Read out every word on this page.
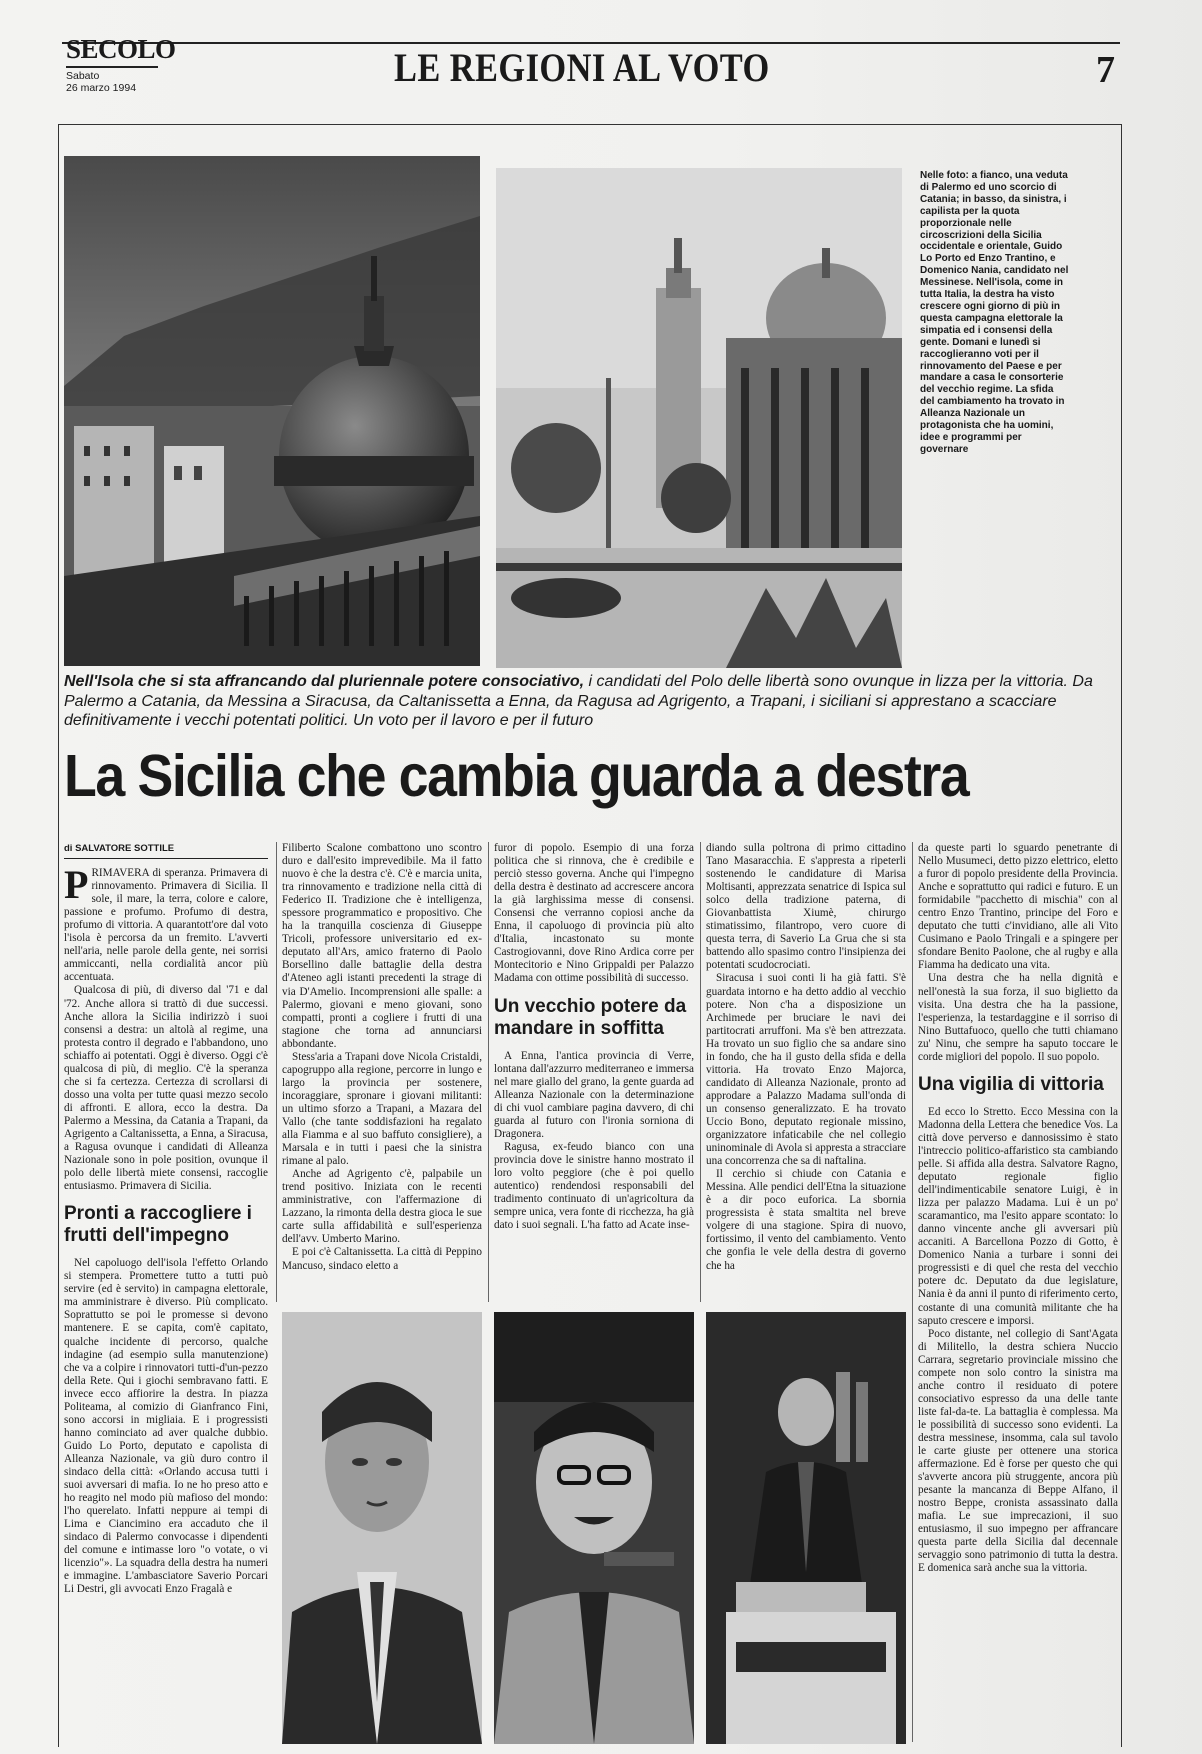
SECOLO
Sabato
26 marzo 1994	LE REGIONI AL VOTO	7
Nelle foto: a fianco, una veduta di Palermo ed uno scorcio di Catania; in basso, da sinistra, i capilista per la quota proporzionale nelle circoscrizioni della Sicilia occidentale e orientale, Guido Lo Porto ed Enzo Trantino, e Domenico Nania, candidato nel Messinese. Nell'isola, come in tutta Italia, la destra ha visto crescere ogni giorno di più in questa campagna elettorale la simpatia ed i consensi della gente. Domani e lunedì si raccoglieranno voti per il rinnovamento del Paese e per mandare a casa le consorterie del vecchio regime. La sfida del cambiamento ha trovato in Alleanza Nazionale un protagonista che ha uomini, idee e programmi per governare
Nell'Isola che si sta affrancando dal pluriennale potere consociativo, i candidati del Polo delle libertà sono ovunque in lizza per la vittoria. Da Palermo a Catania, da Messina a Siracusa, da Caltanissetta a Enna, da Ragusa ad Agrigento, a Trapani, i siciliani si apprestano a scacciare definitivamente i vecchi potentati politici. Un voto per il lavoro e per il futuro
La Sicilia che cambia guarda a destra
di SALVATORE SOTTILE

PRIMAVERA di speranza. Primavera di rinnovamento. Primavera di Sicilia. Il sole, il mare, la terra, colore e calore, passione e profumo. Profumo di destra, profumo di vittoria. A quarantott'ore dal voto l'isola è percorsa da un fremito. L'avverti nell'aria, nelle parole della gente, nei sorrisi ammiccanti, nella cordialità ancor più accentuata.

Qualcosa di più, di diverso dal '71 e dal '72. Anche allora si trattò di due successi. Anche allora la Sicilia indirizzò i suoi consensi a destra: un altolà al regime, una protesta contro il degrado e l'abbandono, uno schiaffo ai potentati. Oggi è diverso. Oggi c'è qualcosa di più, di meglio. C'è la speranza che si fa certezza. Certezza di scrollarsi di dosso una volta per tutte quasi mezzo secolo di affronti. E allora, ecco la destra. Da Palermo a Messina, da Catania a Trapani, da Agrigento a Caltanissetta, a Enna, a Siracusa, a Ragusa ovunque i candidati di Alleanza Nazionale sono in pole position, ovunque il polo delle libertà miete consensi, raccoglie entusiasmo. Primavera di Sicilia.

Pronti a raccogliere i frutti dell'impegno

Nel capoluogo dell'isola l'effetto Orlando si stempera. Promettere tutto a tutti può servire (ed è servito) in campagna elettorale, ma amministrare è diverso. Più complicato. Soprattutto se poi le promesse si devono mantenere. E se capita, com'è capitato, qualche incidente di percorso, qualche indagine (ad esempio sulla manutenzione) che va a colpire i rinnovatori tutti-d'un-pezzo della Rete. Qui i giochi sembravano fatti. E invece ecco affiorire la destra. In piazza Politeama, al comizio di Gianfranco Fini, sono accorsi in migliaia. E i progressisti hanno cominciato ad aver qualche dubbio. Guido Lo Porto, deputato e capolista di Alleanza Nazionale, va giù duro contro il sindaco della città: «Orlando accusa tutti i suoi avversari di mafia. Io ne ho preso atto e ho reagito nel modo più mafioso del mondo: l'ho querelato. Infatti neppure ai tempi di Lima e Ciancimino era accaduto che il sindaco di Palermo convocasse i dipendenti del comune e intimasse loro "o votate, o vi licenzio"». La squadra della destra ha numeri e immagine. L'ambasciatore Saverio Porcari Li Destri, gli avvocati Enzo Fragalà e

Filiberto Scalone combattono uno scontro duro e dall'esito imprevedibile. Ma il fatto nuovo è che la destra c'è. C'è e marcia unita, tra rinnovamento e tradizione nella città di Federico II. Tradizione che è intelligenza, spessore programmatico e propositivo. Che ha la tranquilla coscienza di Giuseppe Tricoli, professore universitario ed ex-deputato all'Ars, amico fraterno di Paolo Borsellino dalle battaglie della destra d'Ateneo agli istanti precedenti la strage di via D'Amelio. Incomprensioni alle spalle: a Palermo, giovani e meno giovani, sono compatti, pronti a cogliere i frutti di una stagione che torna ad annunciarsi abbondante.

Stess'aria a Trapani dove Nicola Cristaldi, capogruppo alla regione, percorre in lungo e largo la provincia per sostenere, incoraggiare, spronare i giovani militanti: un ultimo sforzo a Trapani, a Mazara del Vallo (che tante soddisfazioni ha regalato alla Fiamma e al suo baffuto consigliere), a Marsala e in tutti i paesi che la sinistra rimane al palo.

Anche ad Agrigento c'è, palpabile un trend positivo. Iniziata con le recenti amministrative, con l'affermazione di Lazzano, la rimonta della destra gioca le sue carte sulla affidabilità e sull'esperienza dell'avv. Umberto Marino.

E poi c'è Caltanissetta. La città di Peppino Mancuso, sindaco eletto a

furor di popolo. Esempio di una forza politica che si rinnova, che è credibile e perciò stesso governa. Anche qui l'impegno della destra è destinato ad accrescere ancora la già larghissima messe di consensi. Consensi che verranno copiosi anche da Enna, il capoluogo di provincia più alto d'Italia, incastonato su monte Castrogiovanni, dove Rino Ardica corre per Montecitorio e Nino Grippaldi per Palazzo Madama con ottime possibilità di successo.

Un vecchio potere da mandare in soffitta

A Enna, l'antica provincia di Verre, lontana dall'azzurro mediterraneo e immersa nel mare giallo del grano, la gente guarda ad Alleanza Nazionale con la determinazione di chi vuol cambiare pagina davvero, di chi guarda al futuro con l'ironia sorniona di Dragonera.

Ragusa, ex-feudo bianco con una provincia dove le sinistre hanno mostrato il loro volto peggiore (che è poi quello autentico) rendendosi responsabili del tradimento continuato di un'agricoltura da sempre unica, vera fonte di ricchezza, ha già dato i suoi segnali. L'ha fatto ad Acate inse-

diando sulla poltrona di primo cittadino Tano Masaracchia. E s'appresta a ripeterli sostenendo le candidature di Marisa Moltisanti, apprezzata senatrice di Ispica sul solco della tradizione paterna, di Giovanbattista Xiumè, chirurgo stimatissimo, filantropo, vero cuore di questa terra, di Saverio La Grua che si sta battendo allo spasimo contro l'insipienza dei potentati scudocrociati.

Siracusa i suoi conti li ha già fatti. S'è guardata intorno e ha detto addio al vecchio potere. Non c'ha a disposizione un Archimede per bruciare le navi dei partitocrati arruffoni. Ma s'è ben attrezzata. Ha trovato un suo figlio che sa andare sino in fondo, che ha il gusto della sfida e della vittoria. Ha trovato Enzo Majorca, candidato di Alleanza Nazionale, pronto ad approdare a Palazzo Madama sull'onda di un consenso generalizzato. E ha trovato Uccio Bono, deputato regionale missino, organizzatore infaticabile che nel collegio uninominale di Avola si appresta a stracciare una concorrenza che sa di naftalina.

Il cerchio si chiude con Catania e Messina. Alle pendici dell'Etna la situazione è a dir poco euforica. La sbornia progressista è stata smaltita nel breve volgere di una stagione. Spira di nuovo, fortissimo, il vento del cambiamento. Vento che gonfia le vele della destra di governo che ha

da queste parti lo sguardo penetrante di Nello Musumeci, detto pizzo elettrico, eletto a furor di popolo presidente della Provincia. Anche e soprattutto qui radici e futuro. E un formidabile "pacchetto di mischia" con al centro Enzo Trantino, principe del Foro e deputato che tutti c'invidiano, alle ali Vito Cusimano e Paolo Tringali e a spingere per sfondare Benito Paolone, che al rugby e alla Fiamma ha dedicato una vita.

Una destra che ha nella dignità e nell'onestà la sua forza, il suo biglietto da visita. Una destra che ha la passione, l'esperienza, la testardaggine e il sorriso di Nino Buttafuoco, quello che tutti chiamano zu' Ninu, che sempre ha saputo toccare le corde migliori del popolo. Il suo popolo.

Una vigilia di vittoria

Ed ecco lo Stretto. Ecco Messina con la Madonna della Lettera che benedice Vos. La città dove perverso e dannosissimo è stato l'intreccio politico-affaristico sta cambiando pelle. Si affida alla destra. Salvatore Ragno, deputato regionale figlio dell'indimenticabile senatore Luigi, è in lizza per palazzo Madama. Lui è un po' scaramantico, ma l'esito appare scontato: lo danno vincente anche gli avversari più accaniti. A Barcellona Pozzo di Gotto, è Domenico Nania a turbare i sonni dei progressisti e di quel che resta del vecchio potere dc. Deputato da due legislature, Nania è da anni il punto di riferimento certo, costante di una comunità militante che ha saputo crescere e imporsi.

Poco distante, nel collegio di Sant'Agata di Militello, la destra schiera Nuccio Carrara, segretario provinciale missino che compete non solo contro la sinistra ma anche contro il residuato di potere consociativo espresso da una delle tante liste fal-da-te. La battaglia è complessa. Ma le possibilità di successo sono evidenti. La destra messinese, insomma, cala sul tavolo le carte giuste per ottenere una storica affermazione. Ed è forse per questo che qui s'avverte ancora più struggente, ancora più pesante la mancanza di Beppe Alfano, il nostro Beppe, cronista assassinato dalla mafia. Le sue imprecazioni, il suo entusiasmo, il suo impegno per affrancare questa parte della Sicilia dal decennale servaggio sono patrimonio di tutta la destra. E domenica sarà anche sua la vittoria.
